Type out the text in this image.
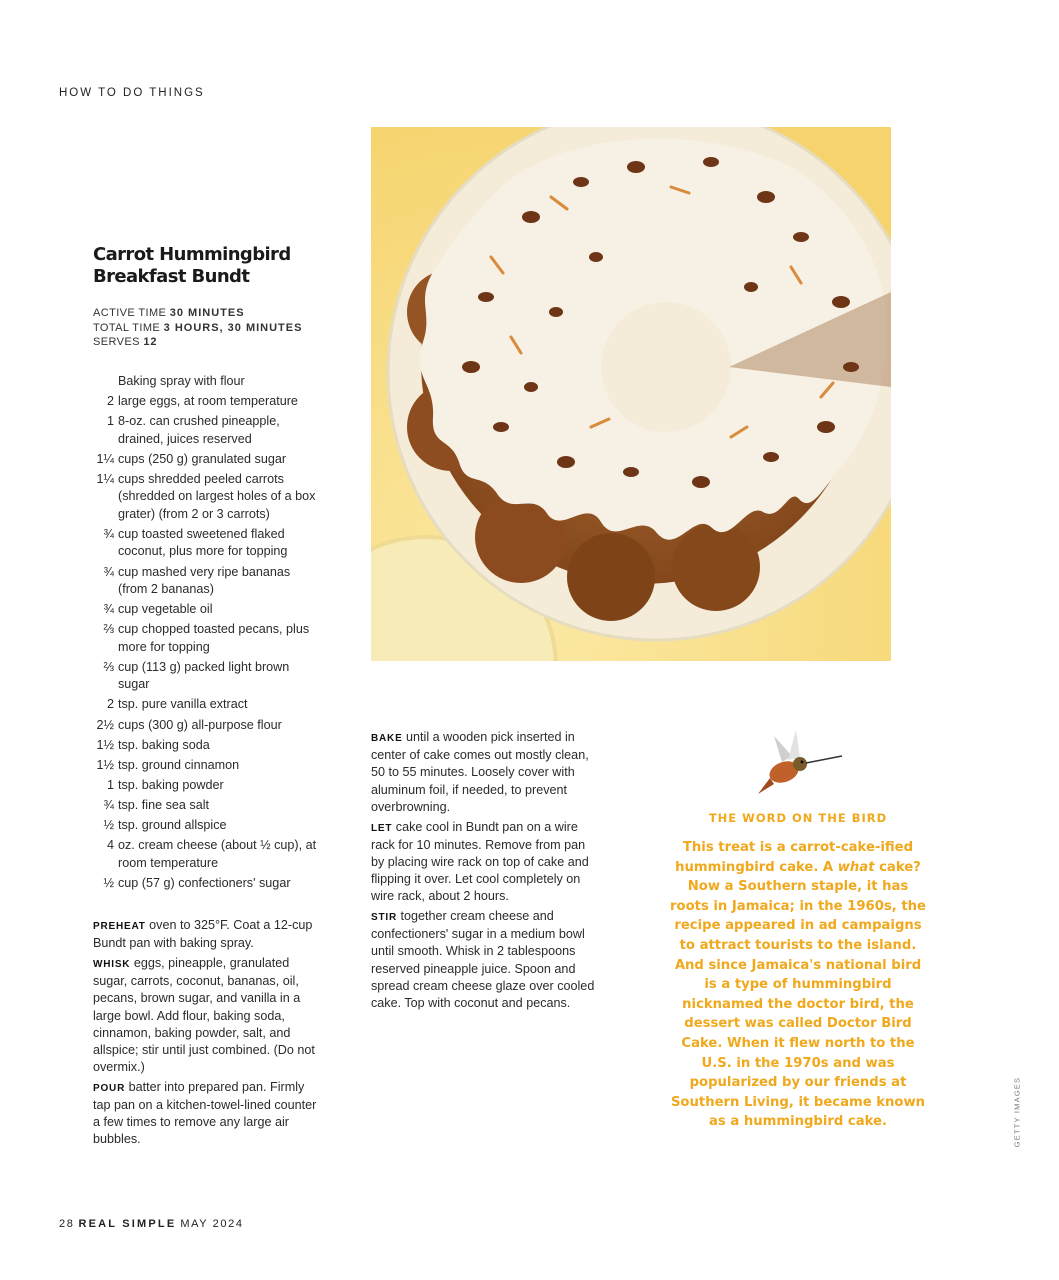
HOW TO DO THINGS
Carrot Hummingbird Breakfast Bundt
ACTIVE TIME 30 MINUTES
TOTAL TIME 3 HOURS, 30 MINUTES
SERVES 12
Baking spray with flour
2 large eggs, at room temperature
1 8-oz. can crushed pineapple, drained, juices reserved
1¼ cups (250 g) granulated sugar
1¼ cups shredded peeled carrots (shredded on largest holes of a box grater) (from 2 or 3 carrots)
¾ cup toasted sweetened flaked coconut, plus more for topping
¾ cup mashed very ripe bananas (from 2 bananas)
¾ cup vegetable oil
⅔ cup chopped toasted pecans, plus more for topping
⅔ cup (113 g) packed light brown sugar
2 tsp. pure vanilla extract
2½ cups (300 g) all-purpose flour
1½ tsp. baking soda
1½ tsp. ground cinnamon
1 tsp. baking powder
¾ tsp. fine sea salt
½ tsp. ground allspice
4 oz. cream cheese (about ½ cup), at room temperature
½ cup (57 g) confectioners' sugar

PREHEAT oven to 325°F. Coat a 12-cup Bundt pan with baking spray.

WHISK eggs, pineapple, granulated sugar, carrots, coconut, bananas, oil, pecans, brown sugar, and vanilla in a large bowl. Add flour, baking soda, cinnamon, baking powder, salt, and allspice; stir until just combined. (Do not overmix.)

POUR batter into prepared pan. Firmly tap pan on a kitchen-towel-lined counter a few times to remove any large air bubbles.

BAKE until a wooden pick inserted in center of cake comes out mostly clean, 50 to 55 minutes. Loosely cover with aluminum foil, if needed, to prevent overbrowning.

LET cake cool in Bundt pan on a wire rack for 10 minutes. Remove from pan by placing wire rack on top of cake and flipping it over. Let cool completely on wire rack, about 2 hours.

STIR together cream cheese and confectioners' sugar in a medium bowl until smooth. Whisk in 2 tablespoons reserved pineapple juice. Spoon and spread cream cheese glaze over cooled cake. Top with coconut and pecans.

THE WORD ON THE BIRD
This treat is a carrot-cake-ified hummingbird cake. A what cake? Now a Southern staple, it has roots in Jamaica; in the 1960s, the recipe appeared in ad campaigns to attract tourists to the island. And since Jamaica's national bird is a type of hummingbird nicknamed the doctor bird, the dessert was called Doctor Bird Cake. When it flew north to the U.S. in the 1970s and was popularized by our friends at Southern Living, it became known as a hummingbird cake.	GETTY IMAGES
28 REAL SIMPLE MAY 2024
